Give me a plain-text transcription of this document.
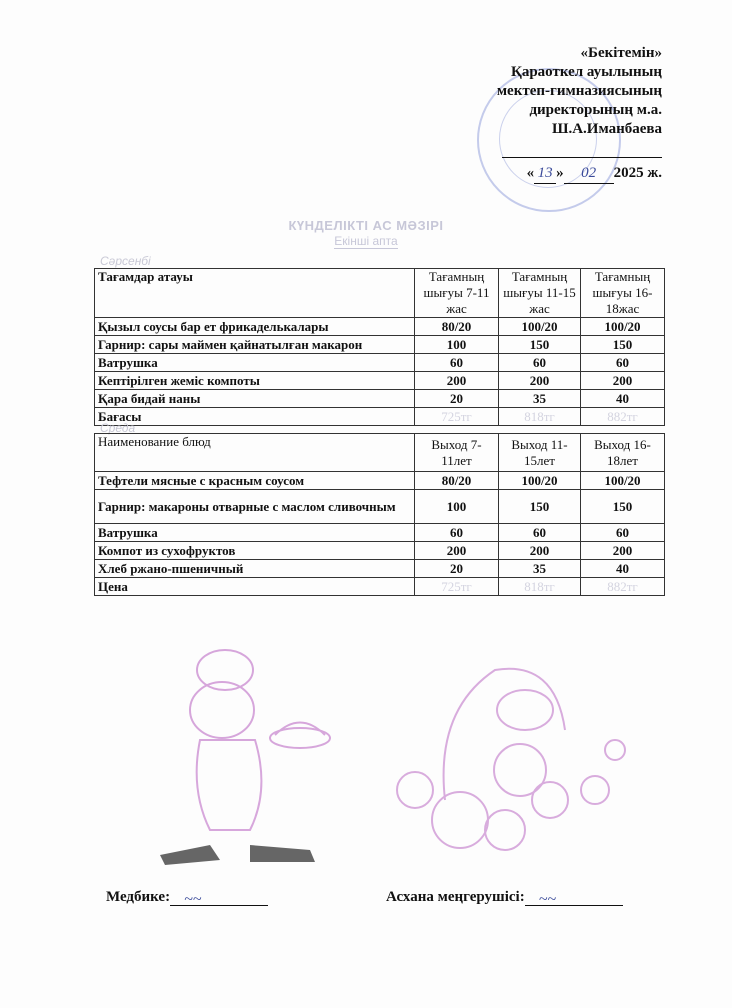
«Бекітемін»
Қараоткел ауылының
мектеп-гимназиясының
директорының м.а.
Ш.А.Иманбаева
« 13 » 02 2025 ж.
КҮНДЕЛІКТІ АС МӘЗІРІ
Екінші апта
Сәрсенбі
Тағамдар атауы	Тағамның шығуы 7-11 жас	Тағамның шығуы 11-15 жас	Тағамның шығуы 16-18жас
Қызыл соусы бар ет фрикаделькалары	80/20	100/20	100/20
Гарнир: сары маймен қайнатылған макарон	100	150	150
Ватрушка	60	60	60
Кептірілген жеміс компоты	200	200	200
Қара бидай наны	20	35	40
Бағасы	725тг	818тг	882тг
Среда
Наименование блюд	Выход 7-11лет	Выход 11-15лет	Выход 16-18лет
Тефтели мясные с красным соусом	80/20	100/20	100/20
Гарнир: макароны отварные с маслом сливочным	100	150	150
Ватрушка	60	60	60
Компот из сухофруктов	200	200	200
Хлеб ржано-пшеничный	20	35	40
Цена	725тг	818тг	882тг
Медбике: ~~	Асхана меңгерушісі: ~~
